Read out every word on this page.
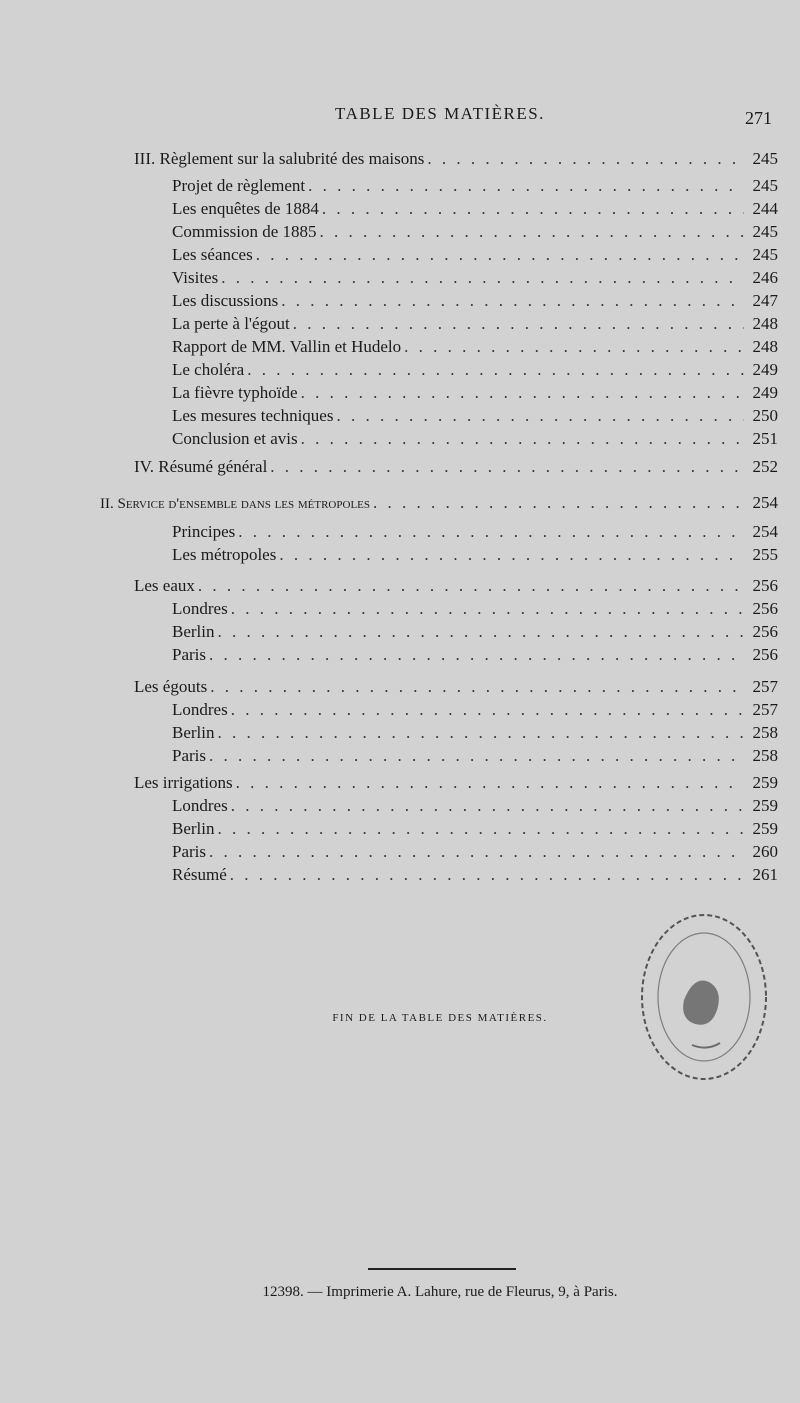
TABLE DES MATIÈRES.	271
III. Règlement sur la salubrité des maisons . . .	245
Projet de règlement . . .	245
Les enquêtes de 1884 . . .	244
Commission de 1885 . . .	245
Les séances . . .	245
Visites . . .	246
Les discussions . . .	247
La perte à l'égout . . .	248
Rapport de MM. Vallin et Hudelo . . .	248
Le choléra . . .	249
La fièvre typhoïde . . .	249
Les mesures techniques . . .	250
Conclusion et avis . . .	251
IV. Résumé général . . .	252
II. Service d'ensemble dans les métropoles . . .	254
Principes . . .	254
Les métropoles . . .	255
Les eaux . . .	256
Londres . . .	256
Berlin . . .	256
Paris . . .	256
Les égouts . . .	257
Londres . . .	257
Berlin . . .	258
Paris . . .	258
Les irrigations . . .	259
Londres . . .	259
Berlin . . .	259
Paris . . .	260
Résumé . . .	261
FIN DE LA TABLE DES MATIÈRES.
12398. — Imprimerie A. Lahure, rue de Fleurus, 9, à Paris.
